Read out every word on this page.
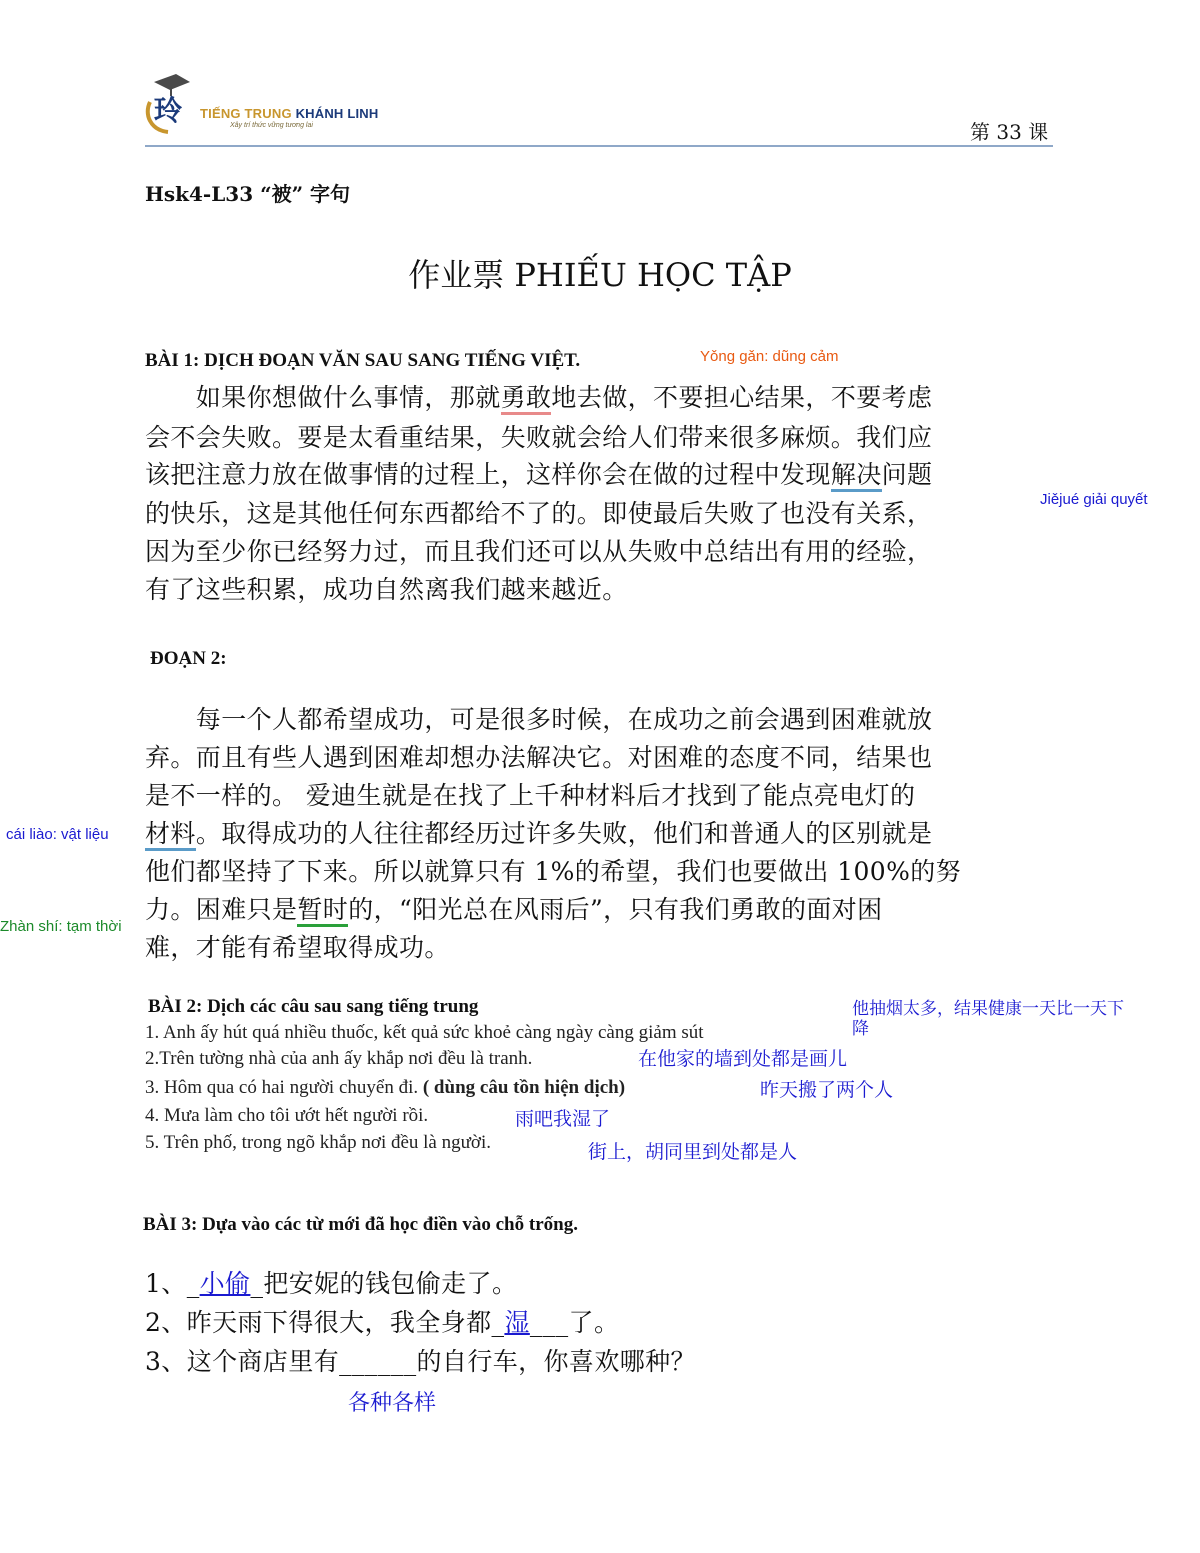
玲 TIẾNG TRUNG KHÁNH LINH
Xây trí thức vững tương lai	第 33 课
Hsk4-L33 “被” 字句
作业票 PHIẾU HỌC TẬP
BÀI 1: DỊCH ĐOẠN VĂN SAU SANG TIẾNG VIỆT.	Yǒng gǎn: dũng cảm
　　如果你想做什么事情，那就勇敢地去做，不要担心结果，不要考虑
会不会失败。要是太看重结果，失败就会给人们带来很多麻烦。我们应
该把注意力放在做事情的过程上，这样你会在做的过程中发现解决问题
的快乐，这是其他任何东西都给不了的。即使最后失败了也没有关系，	Jiějué giải quyết
因为至少你已经努力过，而且我们还可以从失败中总结出有用的经验，
有了这些积累，成功自然离我们越来越近。
ĐOẠN 2:
　　每一个人都希望成功，可是很多时候，在成功之前会遇到困难就放
弃。而且有些人遇到困难却想办法解决它。对困难的态度不同，结果也
是不一样的。 爱迪生就是在找了上千种材料后才找到了能点亮电灯的
cái liào: vật liệu 材料。取得成功的人往往都经历过许多失败，他们和普通人的区别就是
他们都坚持了下来。所以就算只有 1%的希望，我们也要做出 100%的努
Zhàn shí: tạm thời
力。困难只是暂时的，“阳光总在风雨后”，只有我们勇敢的面对困
难，才能有希望取得成功。
BÀI 2: Dịch các câu sau sang tiếng trung	他抽烟太多，结果健康一天比一天下
降
1. Anh ấy hút quá nhiều thuốc, kết quả sức khoẻ càng ngày càng giảm sút
2.Trên tường nhà của anh ấy khắp nơi đều là tranh.	在他家的墙到处都是画儿
3. Hôm qua có hai người chuyển đi. ( dùng câu tồn hiện dịch)	昨天搬了两个人
4. Mưa làm cho tôi ướt hết người rồi.	雨吧我湿了
5. Trên phố, trong ngõ khắp nơi đều là người.	街上，胡同里到处都是人
BÀI 3: Dựa vào các từ mới đã học điền vào chỗ trống.
1、_小偷_把安妮的钱包偷走了。
2、昨天雨下得很大，我全身都_湿___了。
3、这个商店里有______的自行车，你喜欢哪种？
各种各样
